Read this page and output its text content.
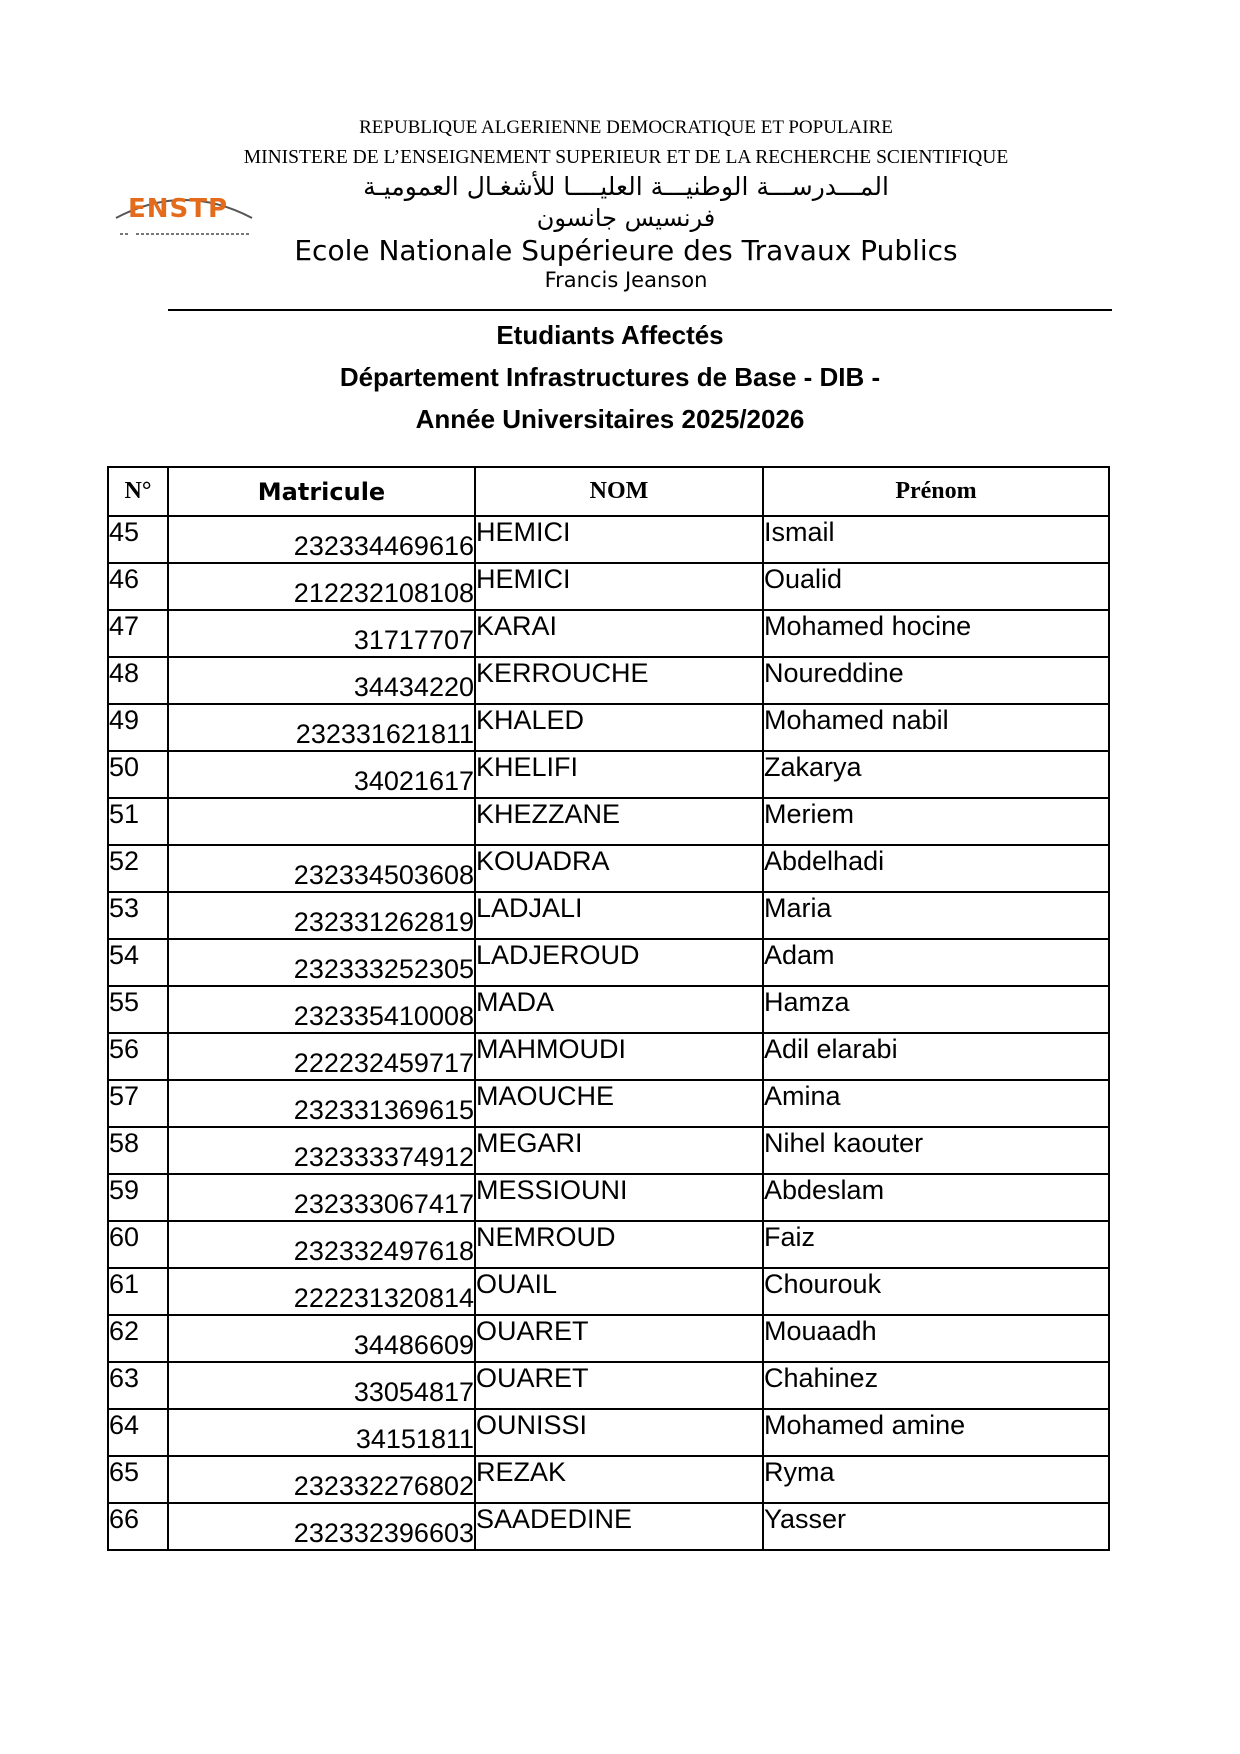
REPUBLIQUE ALGERIENNE DEMOCRATIQUE ET POPULAIRE
MINISTERE DE L’ENSEIGNEMENT SUPERIEUR ET DE LA RECHERCHE SCIENTIFIQUE
المـــدرســـة الوطنيـــة العليــــا للأشغـال العموميـة
فرنسيس جانسون
ENSTP
Ecole Nationale Supérieure des Travaux Publics
Francis Jeanson
Etudiants Affectés
Département Infrastructures de Base - DIB -
Année Universitaires 2025/2026
N°	Matricule	NOM	Prénom
45	232334469616	HEMICI	Ismail
46	212232108108	HEMICI	Oualid
47	31717707	KARAI	Mohamed hocine
48	34434220	KERROUCHE	Noureddine
49	232331621811	KHALED	Mohamed nabil
50	34021617	KHELIFI	Zakarya
51		KHEZZANE	Meriem
52	232334503608	KOUADRA	Abdelhadi
53	232331262819	LADJALI	Maria
54	232333252305	LADJEROUD	Adam
55	232335410008	MADA	Hamza
56	222232459717	MAHMOUDI	Adil elarabi
57	232331369615	MAOUCHE	Amina
58	232333374912	MEGARI	Nihel kaouter
59	232333067417	MESSIOUNI	Abdeslam
60	232332497618	NEMROUD	Faiz
61	222231320814	OUAIL	Chourouk
62	34486609	OUARET	Mouaadh
63	33054817	OUARET	Chahinez
64	34151811	OUNISSI	Mohamed amine
65	232332276802	REZAK	Ryma
66	232332396603	SAADEDINE	Yasser
